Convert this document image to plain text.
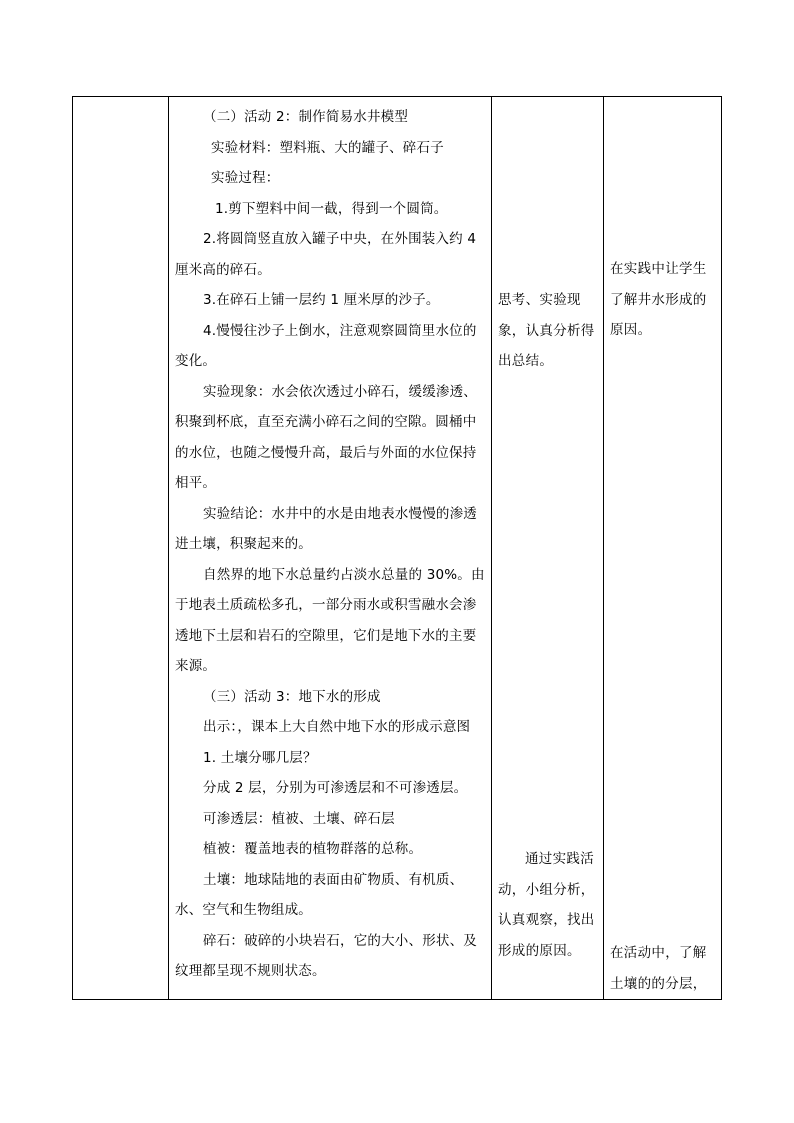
（二）活动 2：制作简易水井模型

实验材料：塑料瓶、大的罐子、碎石子

实验过程：

1.剪下塑料中间一截，得到一个圆筒。

2.将圆筒竖直放入罐子中央，在外围装入约 4 厘米高的碎石。

3.在碎石上铺一层约 1 厘米厚的沙子。

4.慢慢往沙子上倒水，注意观察圆筒里水位的变化。

实验现象：水会依次透过小碎石，缓缓渗透、积聚到杯底，直至充满小碎石之间的空隙。圆桶中的水位，也随之慢慢升高，最后与外面的水位保持相平。

实验结论：水井中的水是由地表水慢慢的渗透进土壤，积聚起来的。

自然界的地下水总量约占淡水总量的 30%。由于地表土质疏松多孔，一部分雨水或积雪融水会渗透地下土层和岩石的空隙里，它们是地下水的主要来源。

（三）活动 3：地下水的形成

出示：，课本上大自然中地下水的形成示意图

1. 土壤分哪几层？

分成 2 层，分别为可渗透层和不可渗透层。

可渗透层：植被、土壤、碎石层

植被：覆盖地表的植物群落的总称。

土壤：地球陆地的表面由矿物质、有机质、水、空气和生物组成。

碎石：破碎的小块岩石，它的大小、形状、及纹理都呈现不规则状态。

思考、实验现象，认真分析得出总结。

通过实践活动，小组分析，认真观察，找出形成的原因。

在实践中让学生了解井水形成的原因。

在活动中，了解土壤的的分层，
